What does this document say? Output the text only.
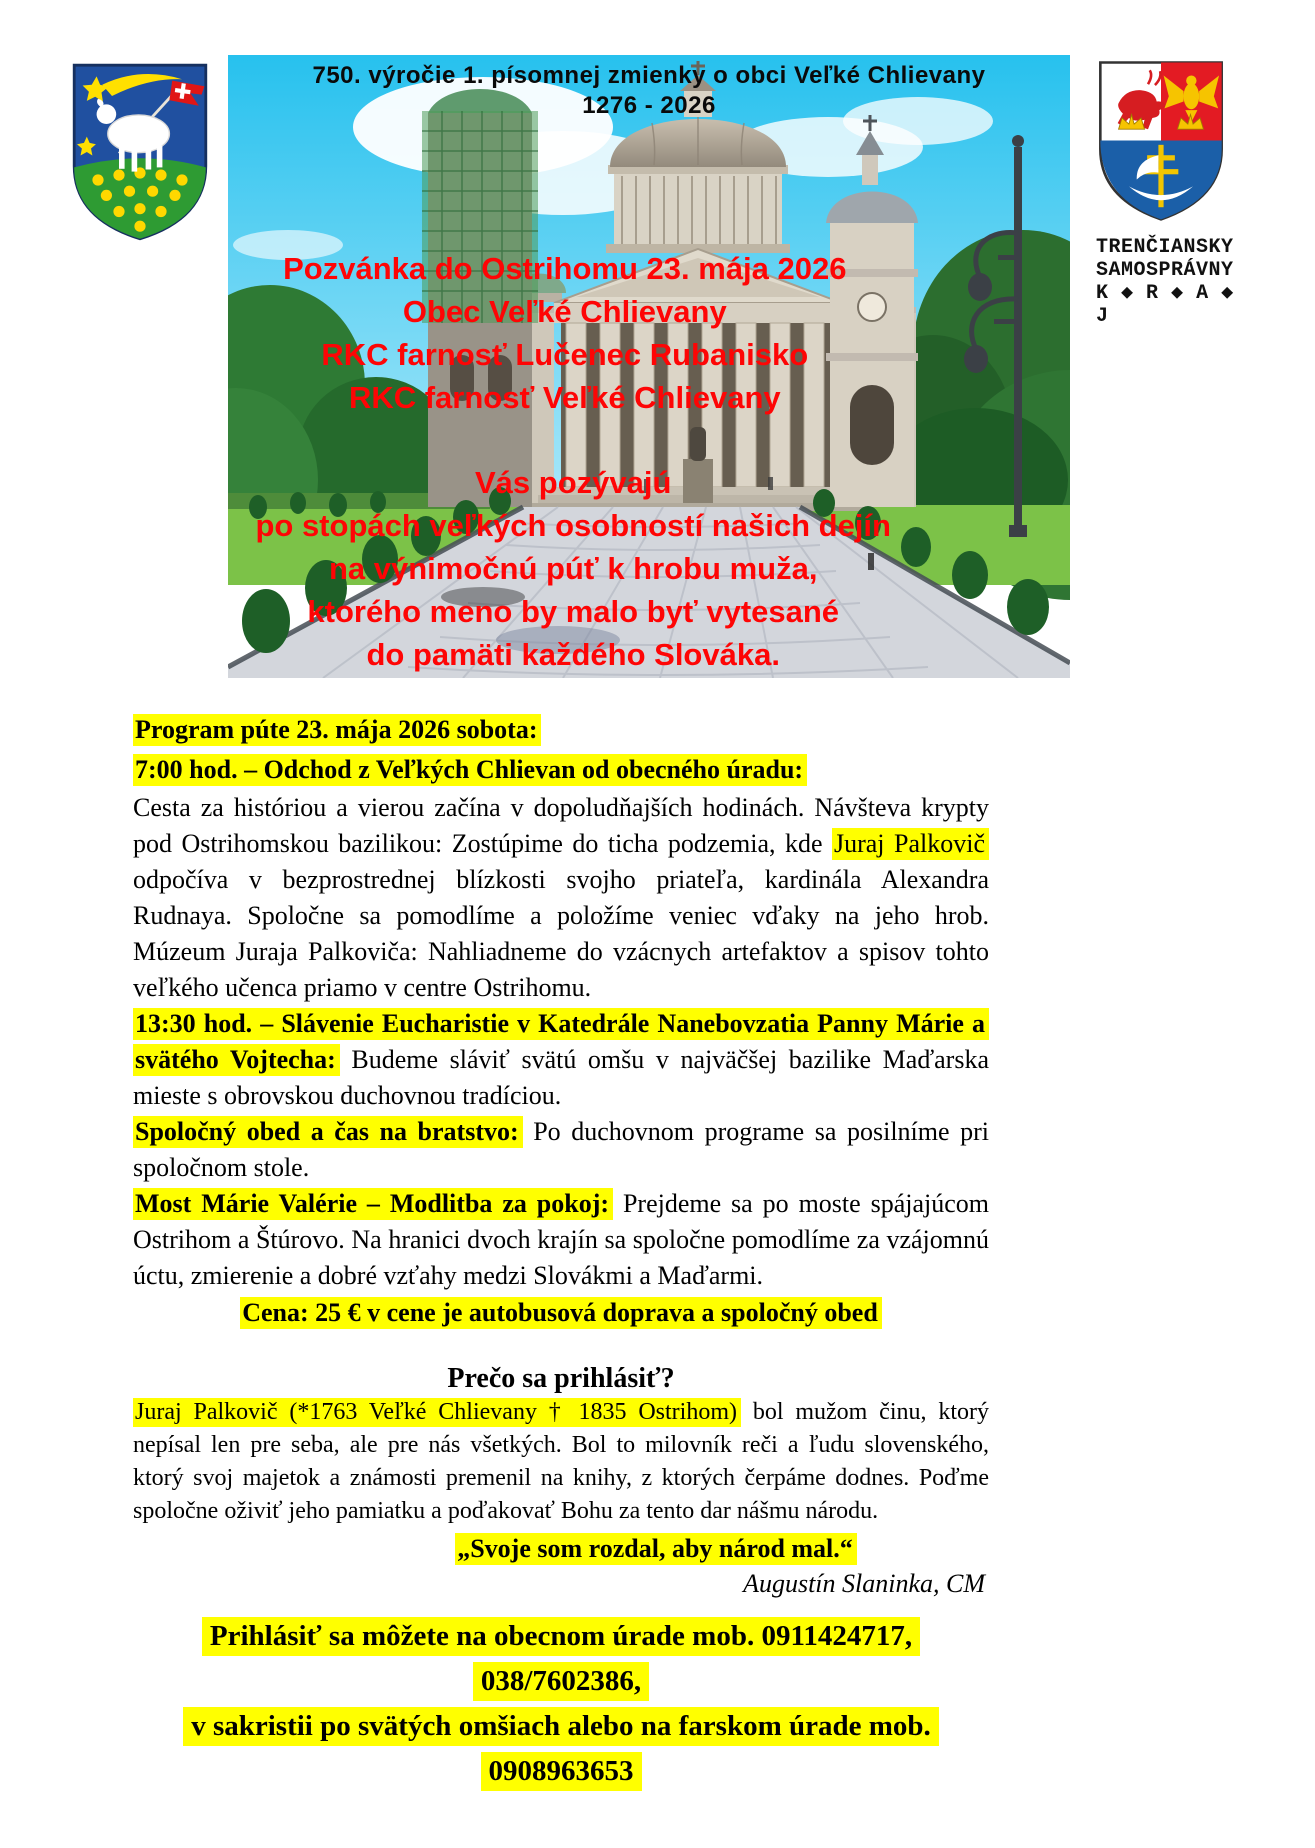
750. výročie 1. písomnej zmienky o obci Veľké Chlievany
1276 - 2026
Pozvánka do Ostrihomu 23. mája 2026
Obec Veľké Chlievany
RKC farnosť Lučenec Rubanisko
RKC farnosť Veľké Chlievany
Vás pozývajú
po stopách veľkých osobností našich dejín
na výnimočnú púť k hrobu muža,
ktorého meno by malo byť vytesané
do pamäti každého Slováka.
TRENČIANSKY
SAMOSPRÁVNY
K ◆ R ◆ A ◆ J
Program púte 23. mája 2026 sobota:
7:00 hod. – Odchod z Veľkých Chlievan od obecného úradu:

Cesta za históriou a vierou začína v dopoludňajších hodinách. Návšteva krypty pod Ostrihomskou bazilikou: Zostúpime do ticha podzemia, kde Juraj Palkovič odpočíva v bezprostrednej blízkosti svojho priateľa, kardinála Alexandra Rudnaya. Spoločne sa pomodlíme a položíme veniec vďaky na jeho hrob. Múzeum Juraja Palkoviča: Nahliadneme do vzácnych artefaktov a spisov tohto veľkého učenca priamo v centre Ostrihomu.

13:30 hod. – Slávenie Eucharistie v Katedrále Nanebovzatia Panny Márie a svätého Vojtecha: Budeme sláviť svätú omšu v najväčšej bazilike Maďarska mieste s obrovskou duchovnou tradíciou.

Spoločný obed a čas na bratstvo: Po duchovnom programe sa posilníme pri spoločnom stole.

Most Márie Valérie – Modlitba za pokoj: Prejdeme sa po moste spájajúcom Ostrihom a Štúrovo. Na hranici dvoch krajín sa spoločne pomodlíme za vzájomnú úctu, zmierenie a dobré vzťahy medzi Slovákmi a Maďarmi.

Cena: 25 € v cene je autobusová doprava a spoločný obed
Prečo sa prihlásiť?

Juraj Palkovič (*1763 Veľké Chlievany † 1835 Ostrihom) bol mužom činu, ktorý nepísal len pre seba, ale pre nás všetkých. Bol to milovník reči a ľudu slovenského, ktorý svoj majetok a známosti premenil na knihy, z ktorých čerpáme dodnes. Poďme spoločne oživiť jeho pamiatku a poďakovať Bohu za tento dar nášmu národu.

„Svoje som rozdal, aby národ mal.“
Augustín Slaninka, CM
Prihlásiť sa môžete na obecnom úrade mob. 0911424717, 038/7602386,
v sakristii po svätých omšiach alebo na farskom úrade mob. 0908963653
